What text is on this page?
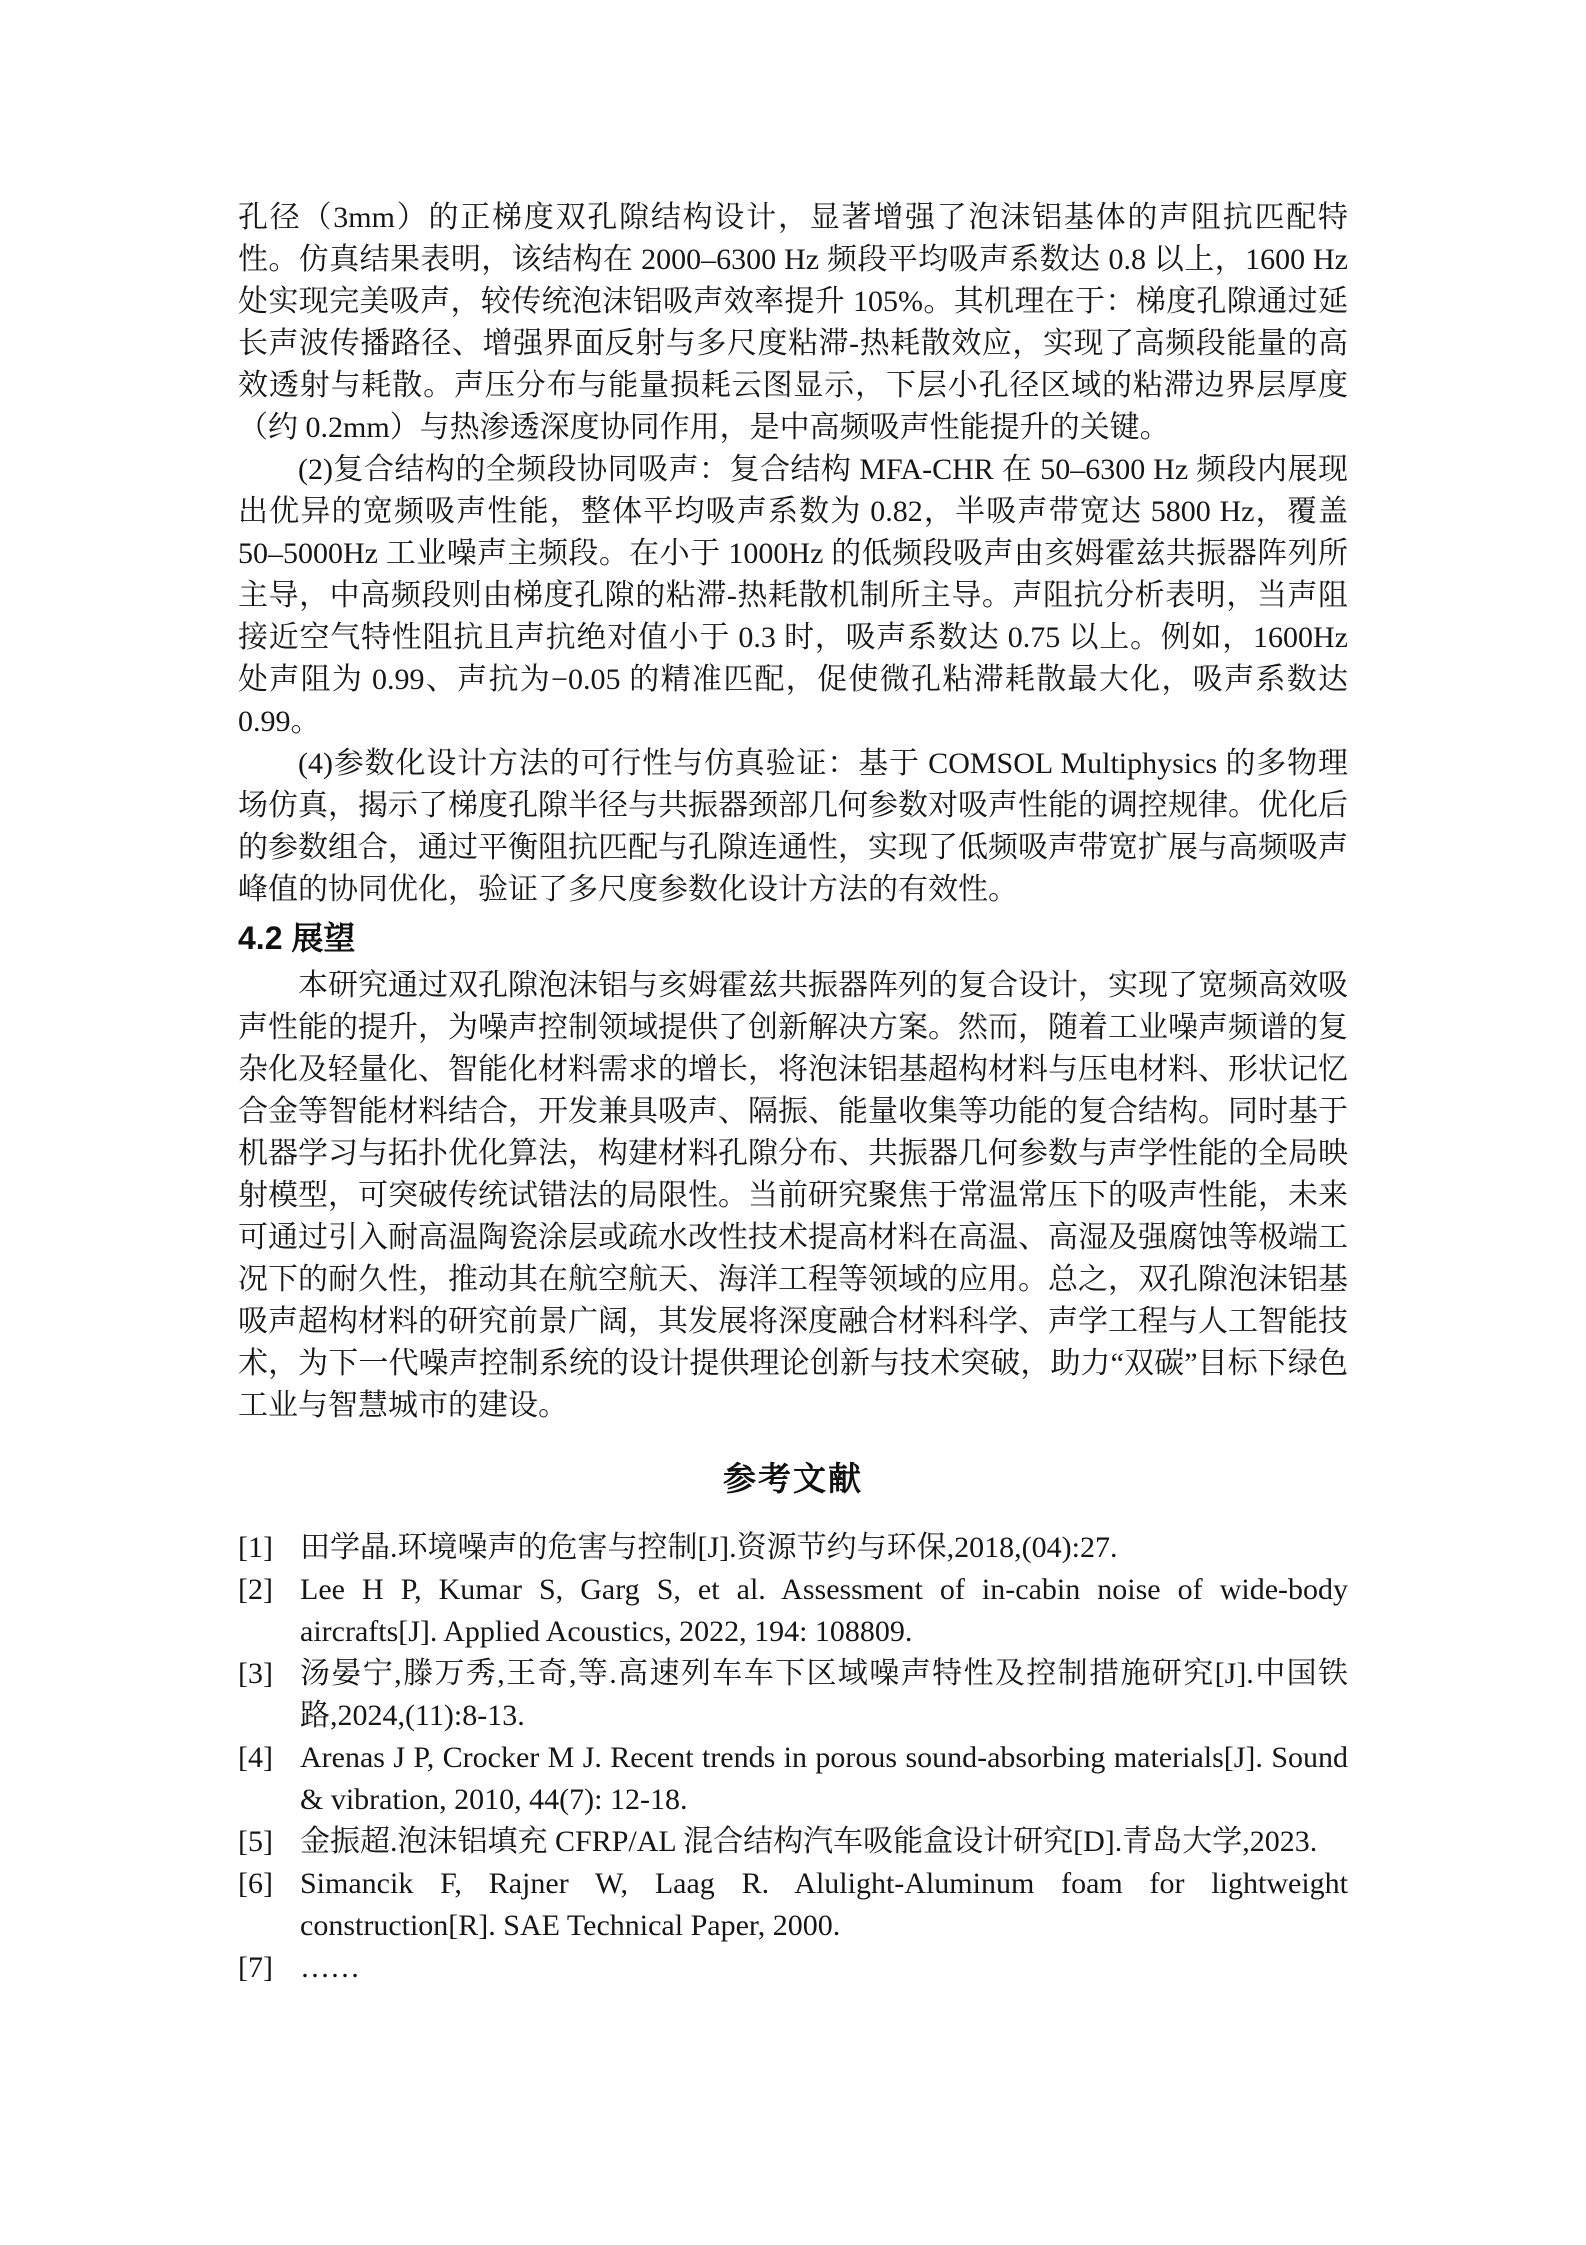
孔径（3mm）的正梯度双孔隙结构设计，显著增强了泡沫铝基体的声阻抗匹配特性。仿真结果表明，该结构在 2000–6300 Hz 频段平均吸声系数达 0.8 以上，1600 Hz 处实现完美吸声，较传统泡沫铝吸声效率提升 105%。其机理在于：梯度孔隙通过延长声波传播路径、增强界面反射与多尺度粘滞-热耗散效应，实现了高频段能量的高效透射与耗散。声压分布与能量损耗云图显示，下层小孔径区域的粘滞边界层厚度（约 0.2mm）与热渗透深度协同作用，是中高频吸声性能提升的关键。

(2)复合结构的全频段协同吸声：复合结构 MFA-CHR 在 50–6300 Hz 频段内展现出优异的宽频吸声性能，整体平均吸声系数为 0.82，半吸声带宽达 5800 Hz，覆盖 50–5000Hz 工业噪声主频段。在小于 1000Hz 的低频段吸声由亥姆霍兹共振器阵列所主导，中高频段则由梯度孔隙的粘滞-热耗散机制所主导。声阻抗分析表明，当声阻接近空气特性阻抗且声抗绝对值小于 0.3 时，吸声系数达 0.75 以上。例如，1600Hz 处声阻为 0.99、声抗为−0.05 的精准匹配，促使微孔粘滞耗散最大化，吸声系数达 0.99。

(4)参数化设计方法的可行性与仿真验证：基于 COMSOL Multiphysics 的多物理场仿真，揭示了梯度孔隙半径与共振器颈部几何参数对吸声性能的调控规律。优化后的参数组合，通过平衡阻抗匹配与孔隙连通性，实现了低频吸声带宽扩展与高频吸声峰值的协同优化，验证了多尺度参数化设计方法的有效性。

4.2 展望

本研究通过双孔隙泡沫铝与亥姆霍兹共振器阵列的复合设计，实现了宽频高效吸声性能的提升，为噪声控制领域提供了创新解决方案。然而，随着工业噪声频谱的复杂化及轻量化、智能化材料需求的增长，将泡沫铝基超构材料与压电材料、形状记忆合金等智能材料结合，开发兼具吸声、隔振、能量收集等功能的复合结构。同时基于机器学习与拓扑优化算法，构建材料孔隙分布、共振器几何参数与声学性能的全局映射模型，可突破传统试错法的局限性。当前研究聚焦于常温常压下的吸声性能，未来可通过引入耐高温陶瓷涂层或疏水改性技术提高材料在高温、高湿及强腐蚀等极端工况下的耐久性，推动其在航空航天、海洋工程等领域的应用。总之，双孔隙泡沫铝基吸声超构材料的研究前景广阔，其发展将深度融合材料科学、声学工程与人工智能技术，为下一代噪声控制系统的设计提供理论创新与技术突破，助力“双碳”目标下绿色工业与智慧城市的建设。

参考文献
[1] 田学晶.环境噪声的危害与控制[J].资源节约与环保,2018,(04):27.
[2] Lee H P, Kumar S, Garg S, et al. Assessment of in-cabin noise of wide-body aircrafts[J]. Applied Acoustics, 2022, 194: 108809.
[3] 汤晏宁,滕万秀,王奇,等.高速列车车下区域噪声特性及控制措施研究[J].中国铁路,2024,(11):8-13.
[4] Arenas J P, Crocker M J. Recent trends in porous sound-absorbing materials[J]. Sound & vibration, 2010, 44(7): 12-18.
[5] 金振超.泡沫铝填充 CFRP/AL 混合结构汽车吸能盒设计研究[D].青岛大学,2023.
[6] Simancik F, Rajner W, Laag R. Alulight-Aluminum foam for lightweight construction[R]. SAE Technical Paper, 2000.
[7] ……
